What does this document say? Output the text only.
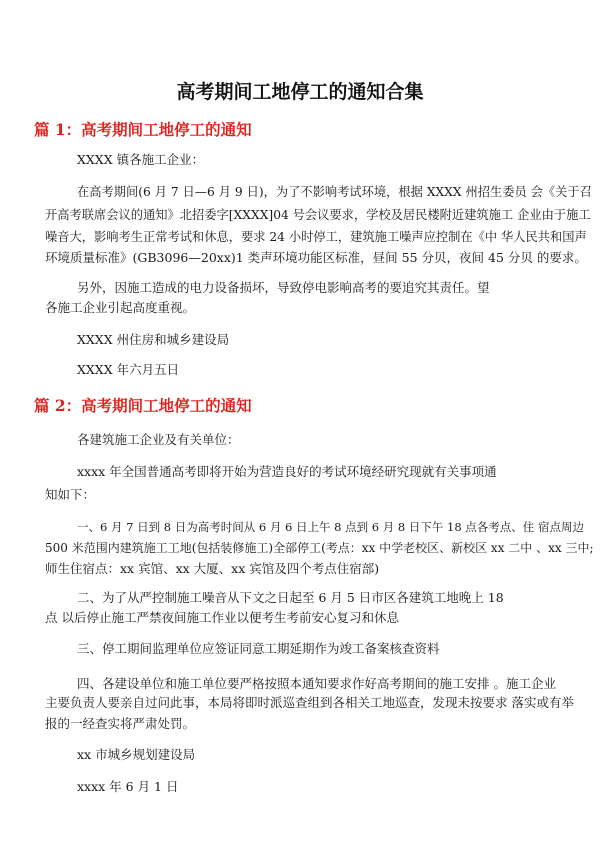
高考期间工地停工的通知合集
篇 1：高考期间工地停工的通知
XXXX 镇各施工企业：
在高考期间(6 月 7 日—6 月 9 日)，为了不影响考试环境，根据 XXXX 州招生委员 会《关于召
开高考联席会议的通知》北招委字[XXXX]04 号会议要求，学校及居民楼附近建筑施工 企业由于施工
噪音大，影响考生正常考试和休息，要求 24 小时停工，建筑施工噪声应控制在《中 华人民共和国声
环境质量标准》(GB3096—20xx)1 类声环境功能区标准，昼间 55 分贝，夜间 45 分贝 的要求。
另外，因施工造成的电力设备损坏，导致停电影响高考的要追究其责任。望
各施工企业引起高度重视。
XXXX 州住房和城乡建设局
XXXX 年六月五日
篇 2：高考期间工地停工的通知
各建筑施工企业及有关单位：
xxxx 年全国普通高考即将开始为营造良好的考试环境经研究现就有关事项通
知如下：
一、6 月 7 日到 8 日为高考时间从 6 月 6 日上午 8 点到 6 月 8 日下午 18 点各考点、住 宿点周边
500 米范围内建筑施工工地(包括装修施工)全部停工(考点：xx 中学老校区、新校区 xx 二中 、xx 三中;
师生住宿点：xx 宾馆、xx 大厦、xx 宾馆及四个考点住宿部)
二、为了从严控制施工噪音从下文之日起至 6 月 5 日市区各建筑工地晚上 18
点 以后停止施工严禁夜间施工作业以便考生考前安心复习和休息
三、停工期间监理单位应签证同意工期延期作为竣工备案核查资料
四、各建设单位和施工单位要严格按照本通知要求作好高考期间的施工安排 。施工企业
主要负责人要亲自过问此事，本局将即时派巡查组到各相关工地巡查，发现未按要求 落实或有举
报的一经查实将严肃处罚。
xx 市城乡规划建设局
xxxx 年 6 月 1 日
